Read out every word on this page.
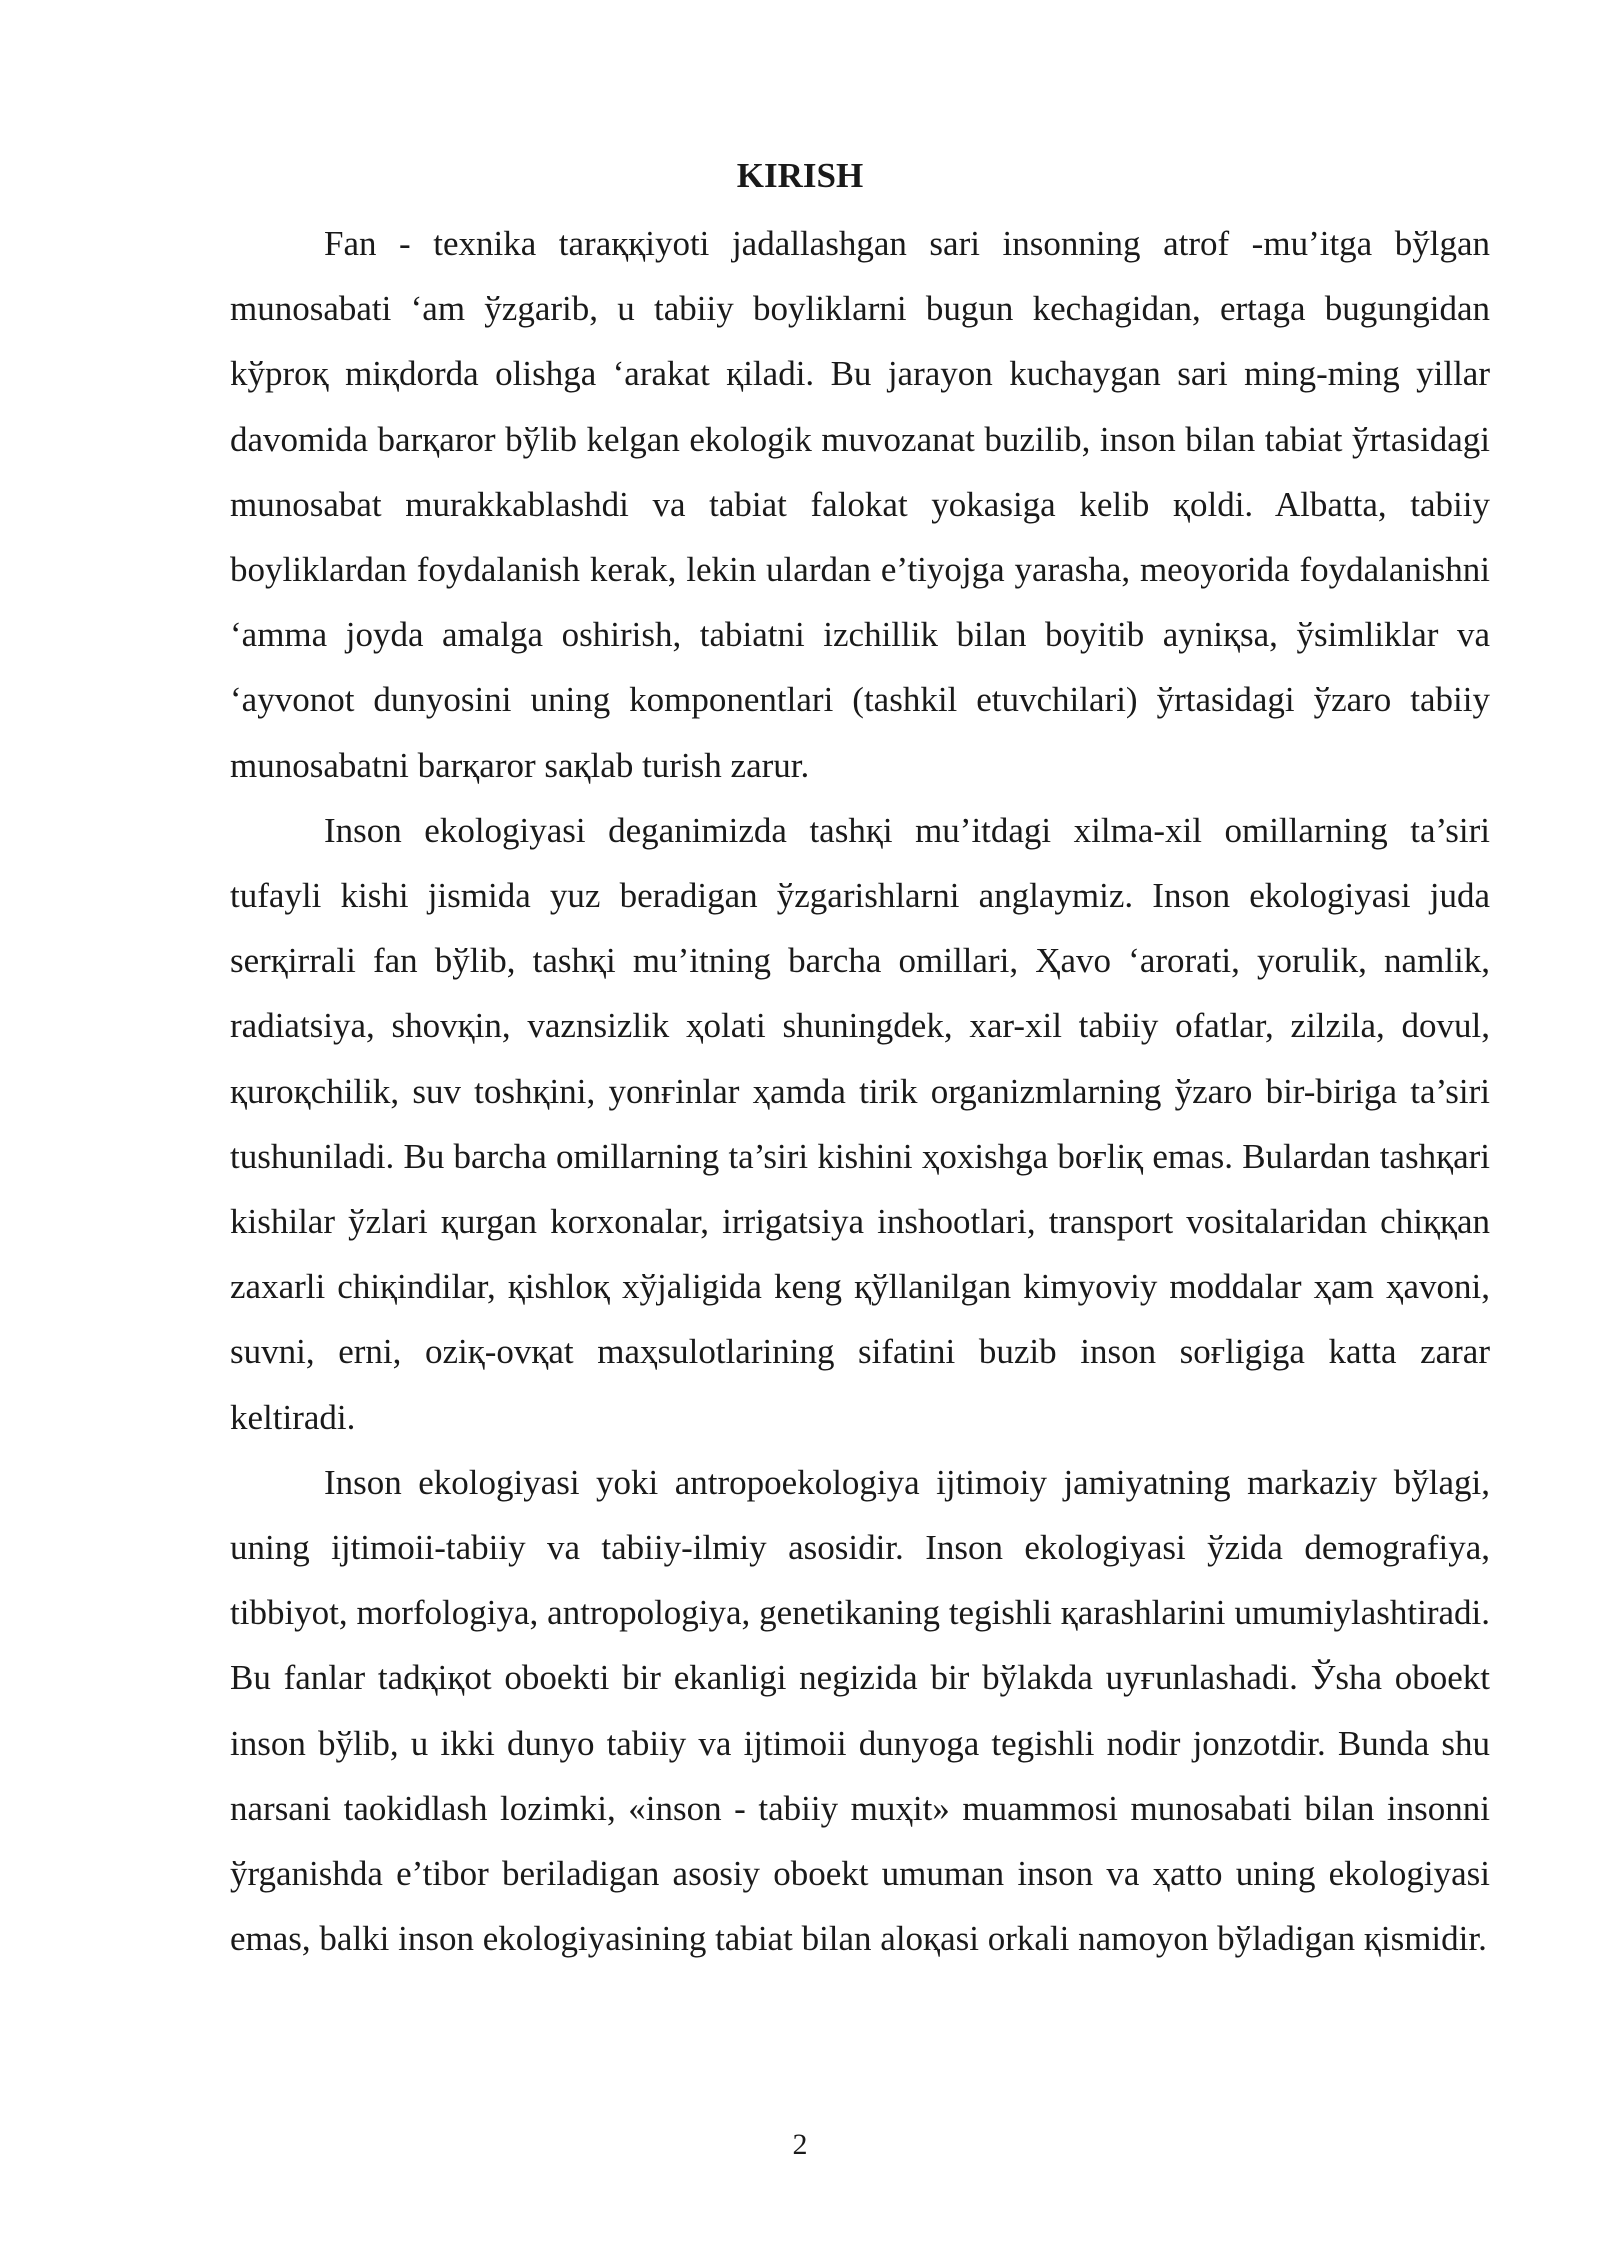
KIRISH

Fan - texnika taraққiyoti jadallashgan sari insonning atrof -mu’itga bўlgan munosabati ‘am ўzgarib, u tabiiy boyliklarni bugun kechagidan, ertaga bugungidan kўproқ miқdorda olishga ‘arakat қiladi. Bu jarayon kuchaygan sari ming-ming yillar davomida barқaror bўlib kelgan ekologik muvozanat buzilib, inson bilan tabiat ўrtasidagi munosabat murakkablashdi va tabiat falokat yokasiga kelib қoldi. Albatta, tabiiy boyliklardan foydalanish kerak, lekin ulardan e’tiyojga yarasha, meoyorida foydalanishni ‘amma joyda amalga oshirish, tabiatni izchillik bilan boyitib ayniқsa, ўsimliklar va ‘ayvonot dunyosini uning komponentlari (tashkil etuvchilari) ўrtasidagi ўzaro tabiiy munosabatni barқaror saқlab turish zarur.

Inson ekologiyasi deganimizda tashқi mu’itdagi xilma-xil omillarning ta’siri tufayli kishi jismida yuz beradigan ўzgarishlarni anglaymiz. Inson ekologiyasi juda serқirrali fan bўlib, tashқi mu’itning barcha omillari, Ҳavo ‘arorati, yorulik, namlik, radiatsiya, shovқin, vaznsizlik ҳolati shuningdek, xar-xil tabiiy ofatlar, zilzila, dovul, қuroқchilik, suv toshқini, yonғinlar ҳamda tirik organizmlarning ўzaro bir-biriga ta’siri tushuniladi. Bu barcha omillarning ta’siri kishini ҳoxishga boғliқ emas. Bulardan tashқari kishilar ўzlari қurgan korxonalar, irrigatsiya inshootlari, transport vositalaridan chiққan zaxarli chiқindilar, қishloқ xўjaligida keng қўllanilgan kimyoviy moddalar ҳam ҳavoni, suvni, erni, oziқ-ovқat maҳsulotlarining sifatini buzib inson soғligiga katta zarar keltiradi.

Inson ekologiyasi yoki antropoekologiya ijtimoiy jamiyatning markaziy bўlagi, uning ijtimoii-tabiiy va tabiiy-ilmiy asosidir. Inson ekologiyasi ўzida demografiya, tibbiyot, morfologiya, antropologiya, genetikaning tegishli қarashlarini umumiylashtiradi. Bu fanlar tadқiқot oboekti bir ekanligi negizida bir bўlakda uyғunlashadi. Ўsha oboekt inson bўlib, u ikki dunyo tabiiy va ijtimoii dunyoga tegishli nodir jonzotdir. Bunda shu narsani taokidlash lozimki, «inson - tabiiy muҳit» muammosi munosabati bilan insonni ўrganishda e’tibor beriladigan asosiy oboekt umuman inson va ҳatto uning ekologiyasi emas, balki inson ekologiyasining tabiat bilan aloқasi orkali namoyon bўladigan қismidir.

2
